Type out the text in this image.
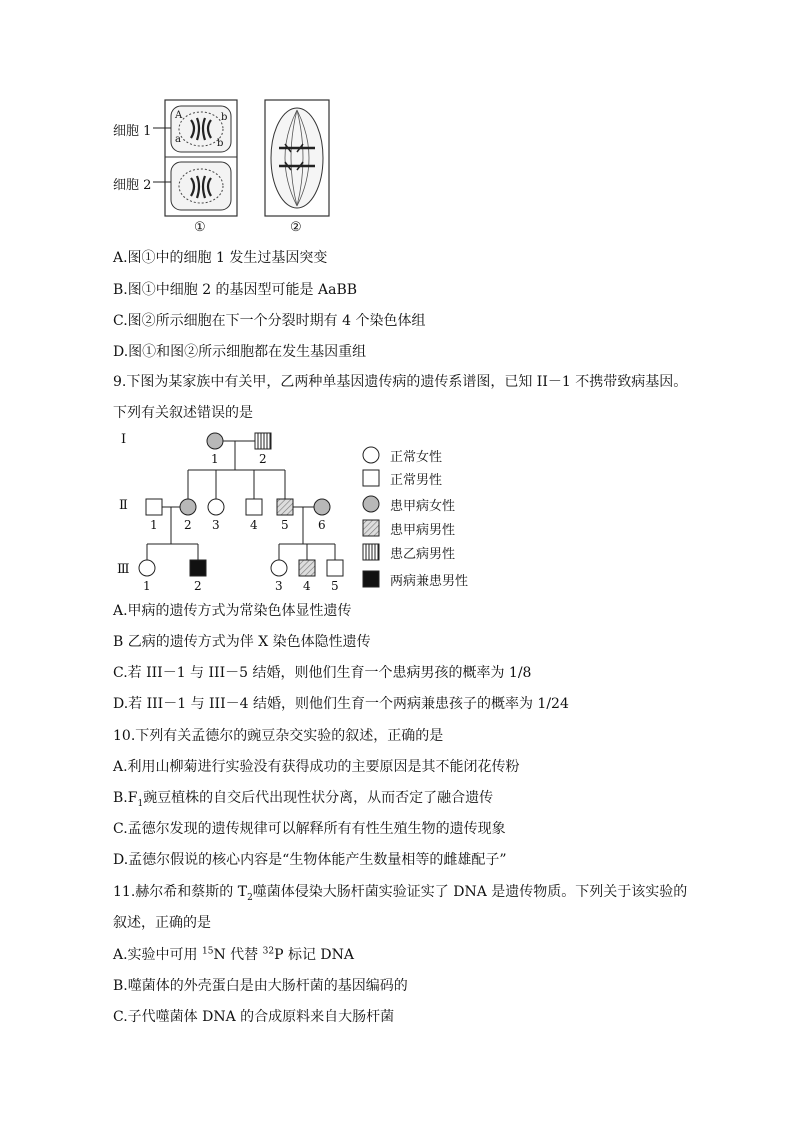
细胞 1
细胞 2
A
a
b
b
①	②
A.图①中的细胞 1 发生过基因突变
B.图①中细胞 2 的基因型可能是 AaBB
C.图②所示细胞在下一个分裂时期有 4 个染色体组
D.图①和图②所示细胞都在发生基因重组
9.下图为某家族中有关甲，乙两种单基因遗传病的遗传系谱图，已知 II－1 不携带致病基因。
下列有关叙述错误的是
I
Ⅱ
Ⅲ
1	2
1 2 3	4 5 6
1	2	3 4 5
正常女性
正常男性
患甲病女性
患甲病男性
患乙病男性
两病兼患男性
A.甲病的遗传方式为常染色体显性遗传
B 乙病的遗传方式为伴 X 染色体隐性遗传
C.若 III－1 与 III－5 结婚，则他们生育一个患病男孩的概率为 1/8
D.若 III－1 与 III－4 结婚，则他们生育一个两病兼患孩子的概率为 1/24
10.下列有关孟德尔的豌豆杂交实验的叙述，正确的是
A.利用山柳菊进行实验没有获得成功的主要原因是其不能闭花传粉
$B.F_1$豌豆植株的自交后代出现性状分离，从而否定了融合遗传
C.孟德尔发现的遗传规律可以解释所有有性生殖生物的遗传现象
D.孟德尔假说的核心内容是“生物体能产生数量相等的雌雄配子”
11.赫尔希和蔡斯的 $T_2$噬菌体侵染大肠杆菌实验证实了 DNA 是遗传物质。下列关于该实验的
叙述，正确的是
A.实验中可用 $^{15}$N 代替 $^{32}$P 标记 DNA
B.噬菌体的外壳蛋白是由大肠杆菌的基因编码的
C.子代噬菌体 DNA 的合成原料来自大肠杆菌
